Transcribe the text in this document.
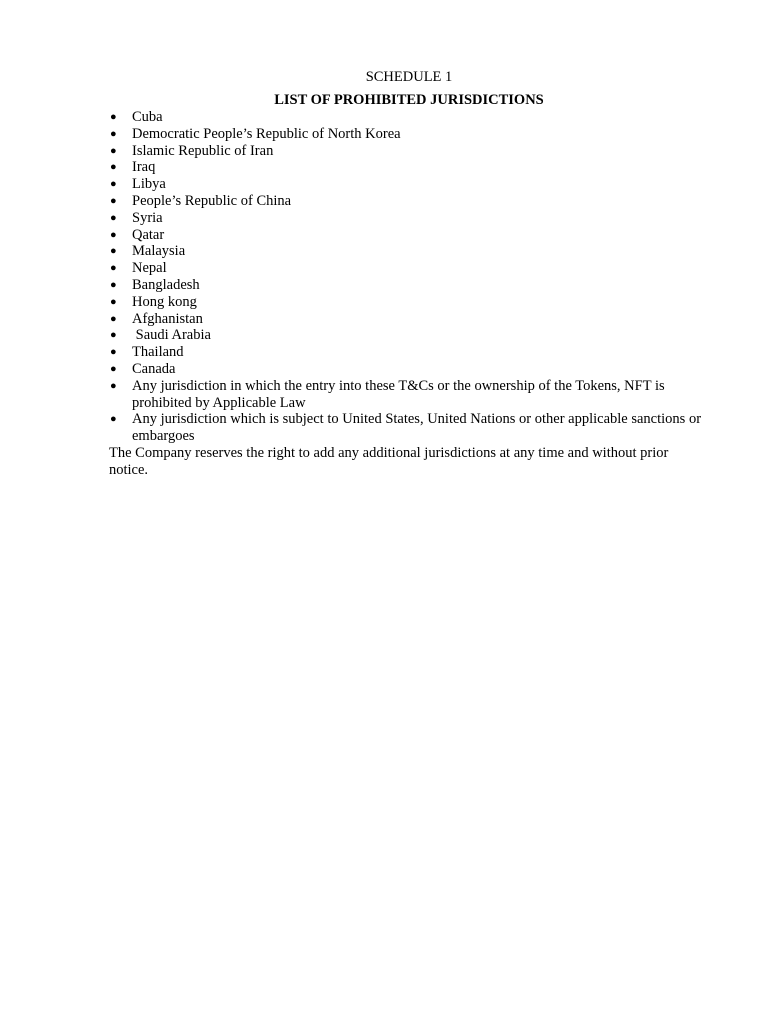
SCHEDULE 1

LIST OF PROHIBITED JURISDICTIONS

●	Cuba
●	Democratic People’s Republic of North Korea
●	Islamic Republic of Iran
●	Iraq
●	Libya
●	People’s Republic of China
●	Syria
●	Qatar
●	Malaysia
●	Nepal
●	Bangladesh
●	Hong kong
●	Afghanistan
●	Saudi Arabia
●	Thailand
●	Canada
●	Any jurisdiction in which the entry into these T&Cs or the ownership of the Tokens, NFT is prohibited by Applicable Law
●	Any jurisdiction which is subject to United States, United Nations or other applicable sanctions or embargoes

The Company reserves the right to add any additional jurisdictions at any time and without prior notice.
